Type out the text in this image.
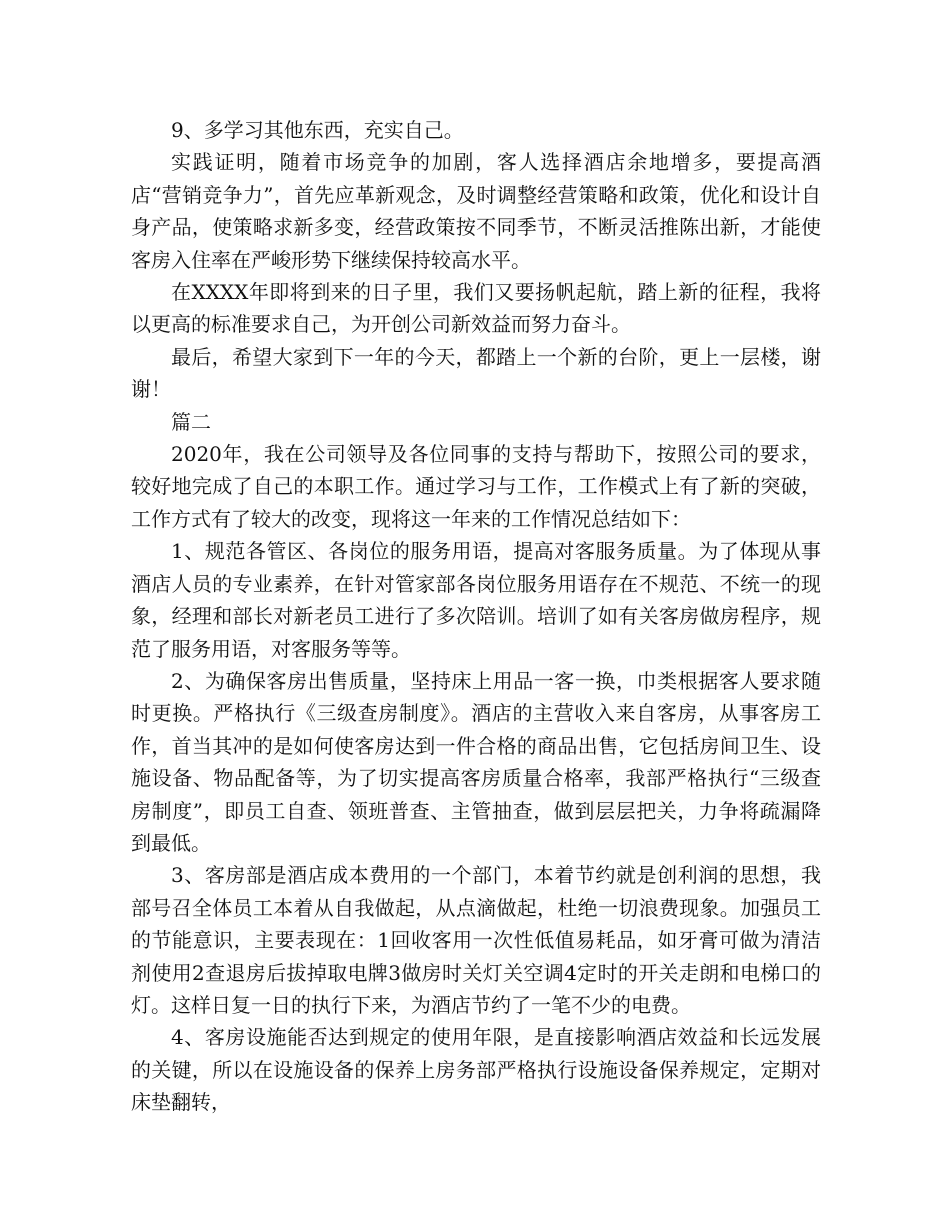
9、多学习其他东西，充实自己。

实践证明，随着市场竞争的加剧，客人选择酒店余地增多，要提高酒店“营销竞争力”，首先应革新观念，及时调整经营策略和政策，优化和设计自身产品，使策略求新多变，经营政策按不同季节，不断灵活推陈出新，才能使客房入住率在严峻形势下继续保持较高水平。

在XXXX年即将到来的日子里，我们又要扬帆起航，踏上新的征程，我将以更高的标准要求自己，为开创公司新效益而努力奋斗。

最后，希望大家到下一年的今天，都踏上一个新的台阶，更上一层楼，谢谢！

篇二

2020年，我在公司领导及各位同事的支持与帮助下，按照公司的要求，较好地完成了自己的本职工作。通过学习与工作，工作模式上有了新的突破，工作方式有了较大的改变，现将这一年来的工作情况总结如下：

1、规范各管区、各岗位的服务用语，提高对客服务质量。为了体现从事酒店人员的专业素养，在针对管家部各岗位服务用语存在不规范、不统一的现象，经理和部长对新老员工进行了多次陪训。培训了如有关客房做房程序，规范了服务用语，对客服务等等。

2、为确保客房出售质量，坚持床上用品一客一换，巾类根据客人要求随时更换。严格执行《三级查房制度》。酒店的主营收入来自客房，从事客房工作，首当其冲的是如何使客房达到一件合格的商品出售，它包括房间卫生、设施设备、物品配备等，为了切实提高客房质量合格率，我部严格执行“三级查房制度”，即员工自查、领班普查、主管抽查，做到层层把关，力争将疏漏降到最低。

3、客房部是酒店成本费用的一个部门，本着节约就是创利润的思想，我部号召全体员工本着从自我做起，从点滴做起，杜绝一切浪费现象。加强员工的节能意识，主要表现在：1回收客用一次性低值易耗品，如牙膏可做为清洁剂使用2查退房后拔掉取电牌3做房时关灯关空调4定时的开关走朗和电梯口的灯。这样日复一日的执行下来，为酒店节约了一笔不少的电费。

4、客房设施能否达到规定的使用年限，是直接影响酒店效益和长远发展的关键，所以在设施设备的保养上房务部严格执行设施设备保养规定，定期对床垫翻转，
